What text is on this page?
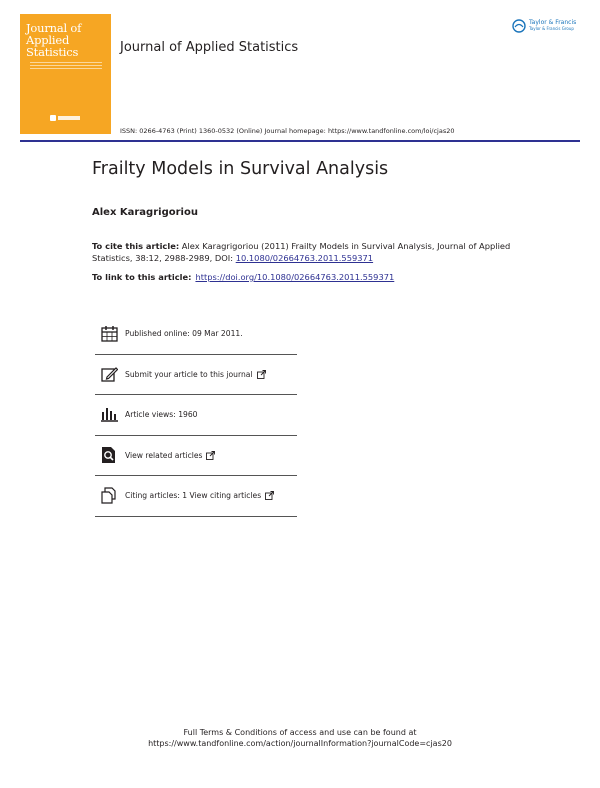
Journal of Applied Statistics	Journal of Applied Statistics
Taylor & Francis
Taylor & Francis Group
ISSN: 0266-4763 (Print) 1360-0532 (Online) Journal homepage: https://www.tandfonline.com/loi/cjas20
Frailty Models in Survival Analysis
Alex Karagrigoriou
To cite this article: Alex Karagrigoriou (2011) Frailty Models in Survival Analysis, Journal of Applied Statistics, 38:12, 2988-2989, DOI: 10.1080/02664763.2011.559371
To link to this article: https://doi.org/10.1080/02664763.2011.559371
Published online: 09 Mar 2011.
Submit your article to this journal
Article views: 1960
View related articles
Citing articles: 1 View citing articles
Full Terms & Conditions of access and use can be found at
https://www.tandfonline.com/action/journalInformation?journalCode=cjas20
